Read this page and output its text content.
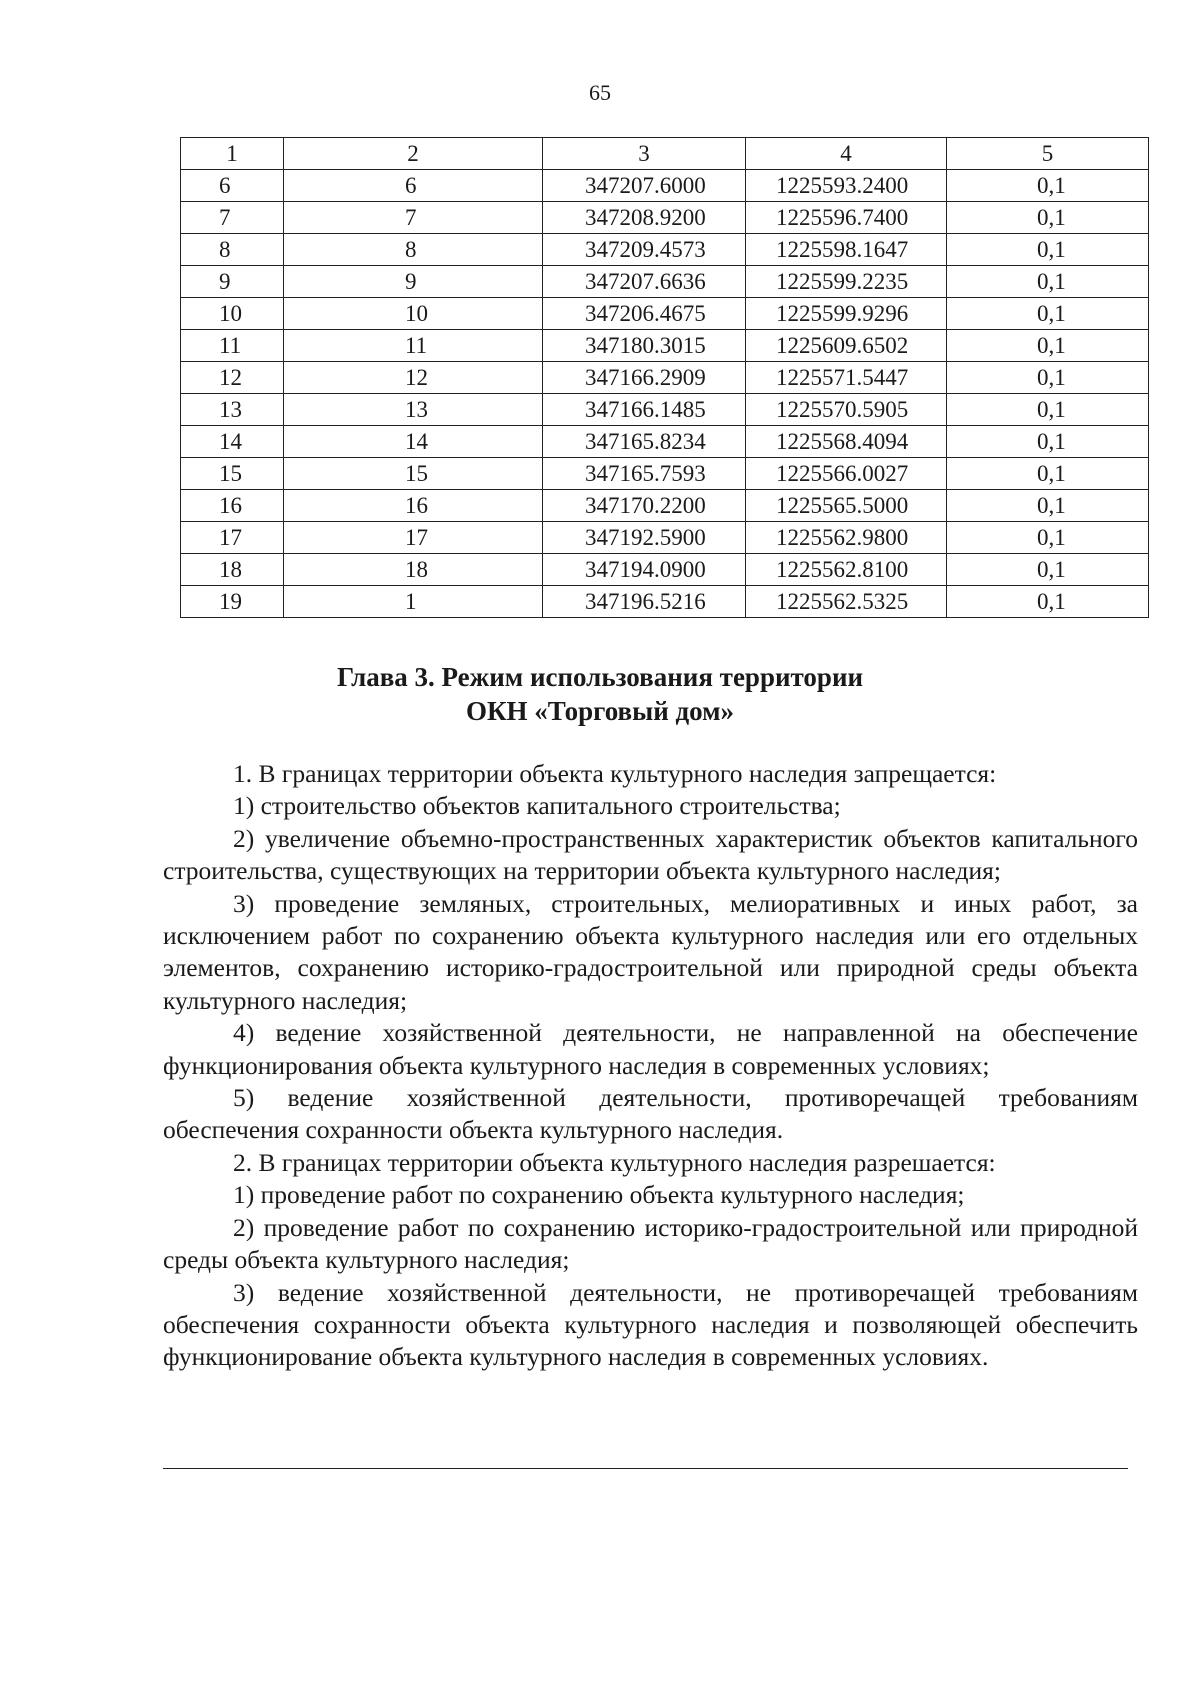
65
1	2	3	4	5
6	6	347207.6000	1225593.2400	0,1
7	7	347208.9200	1225596.7400	0,1
8	8	347209.4573	1225598.1647	0,1
9	9	347207.6636	1225599.2235	0,1
10	10	347206.4675	1225599.9296	0,1
11	11	347180.3015	1225609.6502	0,1
12	12	347166.2909	1225571.5447	0,1
13	13	347166.1485	1225570.5905	0,1
14	14	347165.8234	1225568.4094	0,1
15	15	347165.7593	1225566.0027	0,1
16	16	347170.2200	1225565.5000	0,1
17	17	347192.5900	1225562.9800	0,1
18	18	347194.0900	1225562.8100	0,1
19	1	347196.5216	1225562.5325	0,1
Глава 3. Режим использования территории
ОКН «Торговый дом»

1. В границах территории объекта культурного наследия запрещается:

1) строительство объектов капитального строительства;

2) увеличение объемно-пространственных характеристик объектов капитального строительства, существующих на территории объекта культурного наследия;

3) проведение земляных, строительных, мелиоративных и иных работ, за исключением работ по сохранению объекта культурного наследия или его отдельных элементов, сохранению историко-градостроительной или природной среды объекта культурного наследия;

4) ведение хозяйственной деятельности, не направленной на обеспечение функционирования объекта культурного наследия в современных условиях;

5) ведение хозяйственной деятельности, противоречащей требованиям обеспечения сохранности объекта культурного наследия.

2. В границах территории объекта культурного наследия разрешается:

1) проведение работ по сохранению объекта культурного наследия;

2) проведение работ по сохранению историко-градостроительной или природной среды объекта культурного наследия;

3) ведение хозяйственной деятельности, не противоречащей требованиям обеспечения сохранности объекта культурного наследия и позволяющей обеспечить функционирование объекта культурного наследия в современных условиях.
